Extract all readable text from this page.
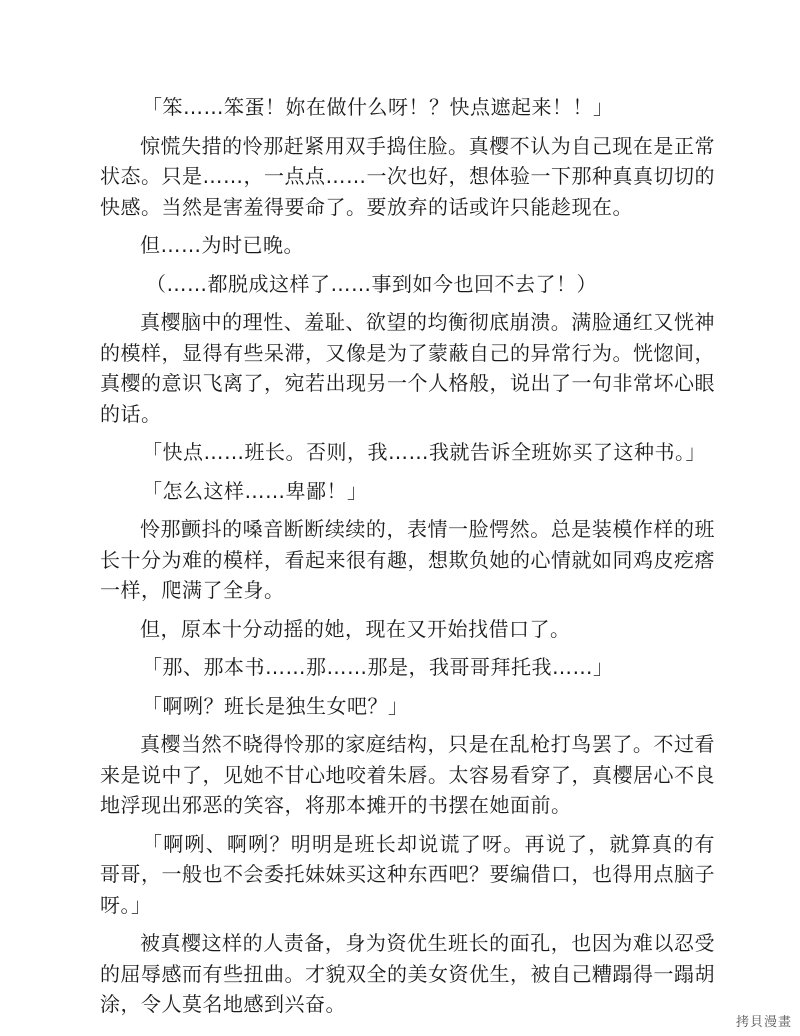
「笨……笨蛋！妳在做什么呀！？快点遮起来！！」

惊慌失措的怜那赶紧用双手捣住脸。真樱不认为自己现在是正常状态。只是……，一点点……一次也好，想体验一下那种真真切切的快感。当然是害羞得要命了。要放弃的话或许只能趁现在。

但……为时已晚。

（……都脱成这样了……事到如今也回不去了！）

真樱脑中的理性、羞耻、欲望的均衡彻底崩溃。满脸通红又恍神的模样，显得有些呆滞，又像是为了蒙蔽自己的异常行为。恍惚间，真樱的意识飞离了，宛若出现另一个人格般，说出了一句非常坏心眼的话。

「快点……班长。否则，我……我就告诉全班妳买了这种书。」

「怎么这样……卑鄙！」

怜那颤抖的嗓音断断续续的，表情一脸愕然。总是装模作样的班长十分为难的模样，看起来很有趣，想欺负她的心情就如同鸡皮疙瘩一样，爬满了全身。

但，原本十分动摇的她，现在又开始找借口了。

「那、那本书……那……那是，我哥哥拜托我……」

「啊咧？班长是独生女吧？」

真樱当然不晓得怜那的家庭结构，只是在乱枪打鸟罢了。不过看来是说中了，见她不甘心地咬着朱唇。太容易看穿了，真樱居心不良地浮现出邪恶的笑容，将那本摊开的书摆在她面前。

「啊咧、啊咧？明明是班长却说谎了呀。再说了，就算真的有哥哥，一般也不会委托妹妹买这种东西吧？要编借口，也得用点脑子呀。」

被真樱这样的人责备，身为资优生班长的面孔，也因为难以忍受的屈辱感而有些扭曲。才貌双全的美女资优生，被自己糟蹋得一蹋胡涂，令人莫名地感到兴奋。

拷貝漫畫
